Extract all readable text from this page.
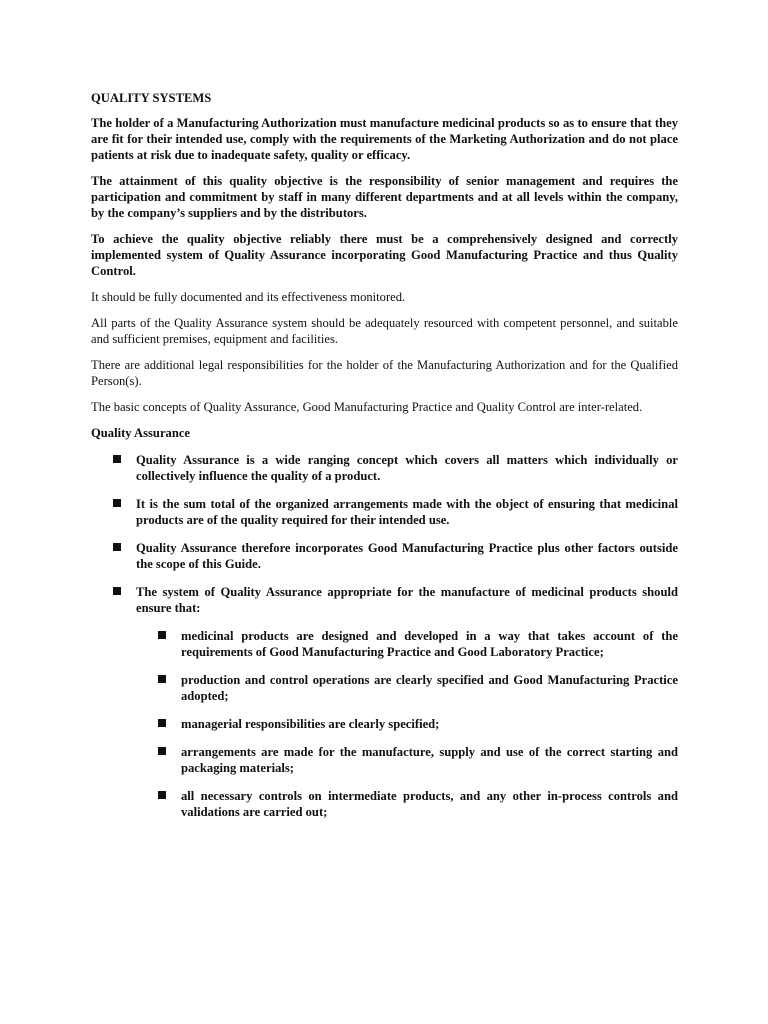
QUALITY SYSTEMS

The holder of a Manufacturing Authorization must manufacture medicinal products so as to ensure that they are fit for their intended use, comply with the requirements of the Marketing Authorization and do not place patients at risk due to inadequate safety, quality or efficacy.

The attainment of this quality objective is the responsibility of senior management and requires the participation and commitment by staff in many different departments and at all levels within the company, by the company’s suppliers and by the distributors.

To achieve the quality objective reliably there must be a comprehensively designed and correctly implemented system of Quality Assurance incorporating Good Manufacturing Practice and thus Quality Control.

It should be fully documented and its effectiveness monitored.

All parts of the Quality Assurance system should be adequately resourced with competent personnel, and suitable and sufficient premises, equipment and facilities.

There are additional legal responsibilities for the holder of the Manufacturing Authorization and for the Qualified Person(s).

The basic concepts of Quality Assurance, Good Manufacturing Practice and Quality Control are inter-related.

Quality Assurance
Quality Assurance is a wide ranging concept which covers all matters which individually or collectively influence the quality of a product.
It is the sum total of the organized arrangements made with the object of ensuring that medicinal products are of the quality required for their intended use.
Quality Assurance therefore incorporates Good Manufacturing Practice plus other factors outside the scope of this Guide.
The system of Quality Assurance appropriate for the manufacture of medicinal products should ensure that:
medicinal products are designed and developed in a way that takes account of the requirements of Good Manufacturing Practice and Good Laboratory Practice;
production and control operations are clearly specified and Good Manufacturing Practice adopted;
managerial responsibilities are clearly specified;
arrangements are made for the manufacture, supply and use of the correct starting and packaging materials;
all necessary controls on intermediate products, and any other in-process controls and validations are carried out;
